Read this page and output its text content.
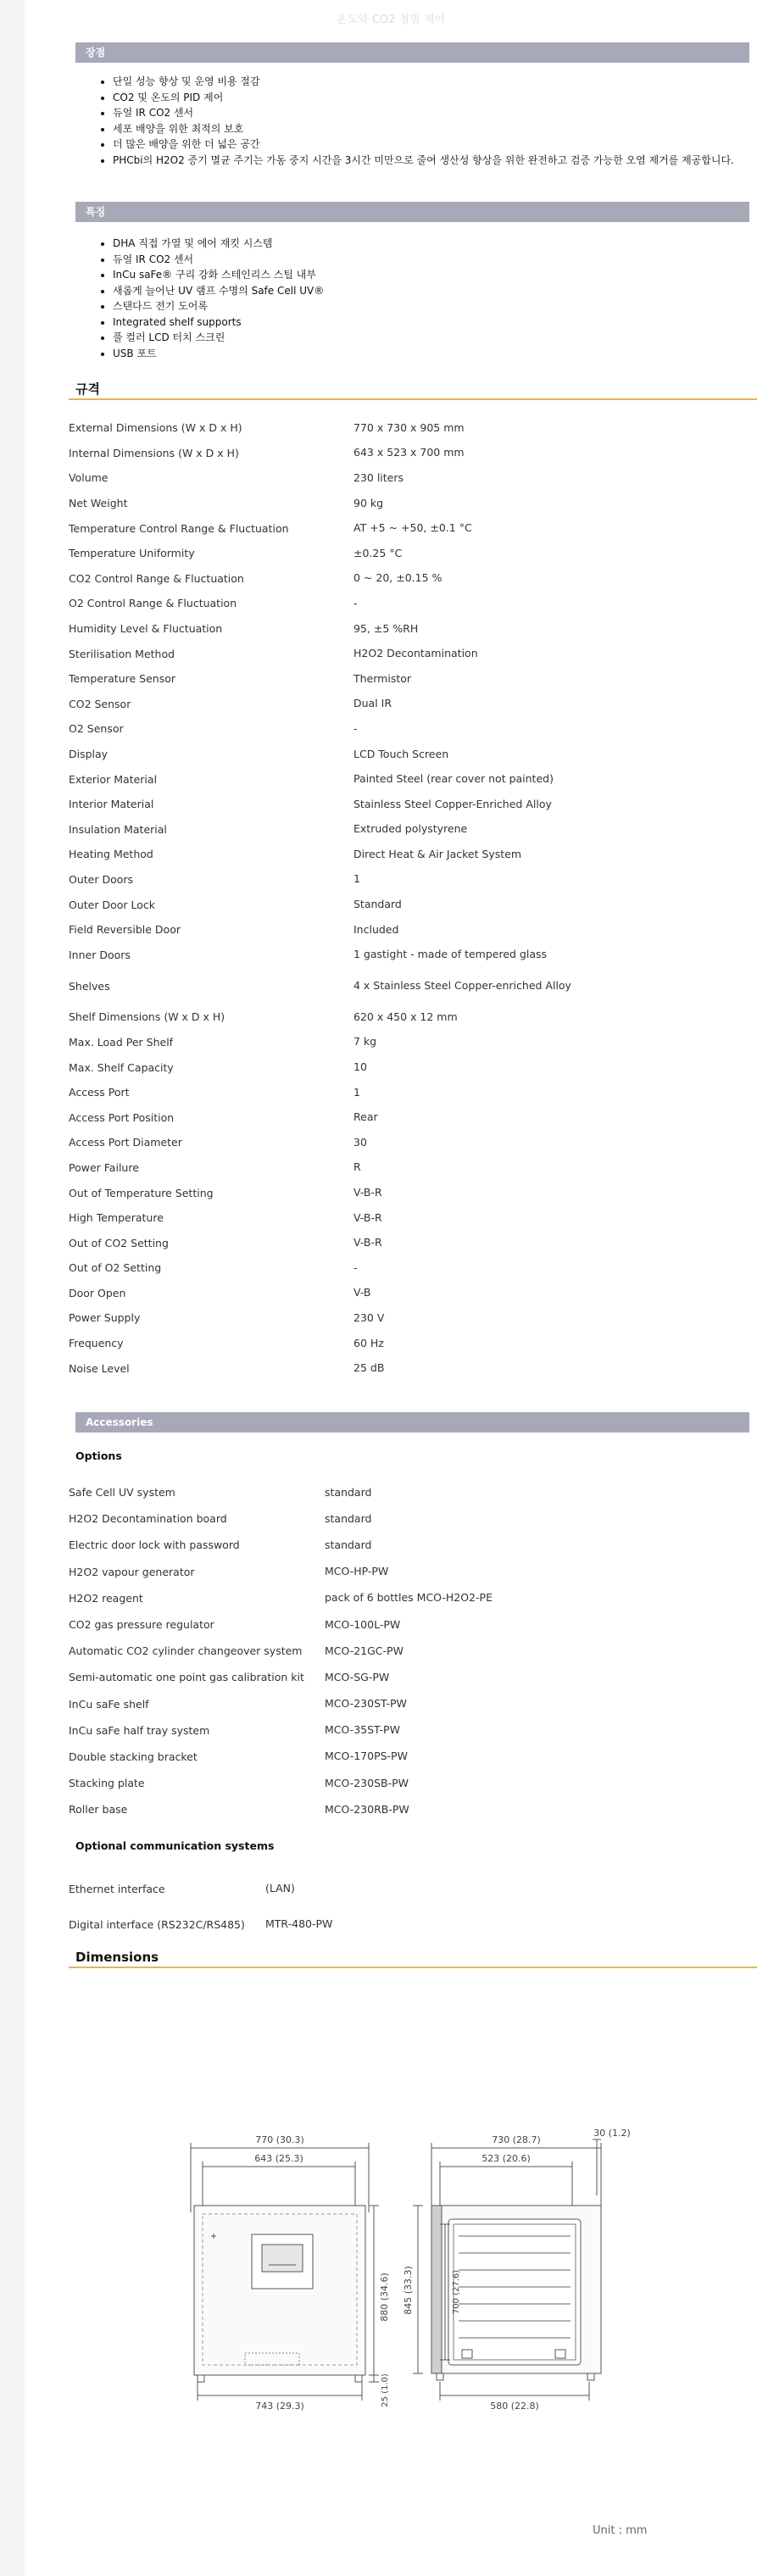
온도와 CO2 정밀 제어
장점
• 단일 성능 향상 및 운영 비용 절감
• CO2 및 온도의 PID 제어
• 듀얼 IR CO2 센서
• 세포 배양을 위한 최적의 보호
• 더 많은 배양을 위한 더 넓은 공간
• PHCbi의 H2O2 증기 멸균 주기는 가동 중지 시간을 3시간 미만으로 줄여 생산성 향상을 위한 완전하고 검증 가능한 오염 제거를 제공합니다.
특징
• DHA 직접 가열 및 에어 재킷 시스템
• 듀얼 IR CO2 센서
• InCu saFe® 구리 강화 스테인리스 스틸 내부
• 새롭게 늘어난 UV 램프 수명의 Safe Cell UV®
• 스탠다드 전기 도어록
• Integrated shelf supports
• 풀 컬러 LCD 터치 스크린
• USB 포트
규격
External Dimensions (W x D x H)	770 x 730 x 905 mm
Internal Dimensions (W x D x H)	643 x 523 x 700 mm
Volume	230 liters
Net Weight	90 kg
Temperature Control Range & Fluctuation	AT +5 ~ +50, ±0.1 °C
Temperature Uniformity	±0.25 °C
CO2 Control Range & Fluctuation	0 ~ 20, ±0.15 %
O2 Control Range & Fluctuation	-
Humidity Level & Fluctuation	95, ±5 %RH
Sterilisation Method	H2O2 Decontamination
Temperature Sensor	Thermistor
CO2 Sensor	Dual IR
O2 Sensor	-
Display	LCD Touch Screen
Exterior Material	Painted Steel (rear cover not painted)
Interior Material	Stainless Steel Copper-Enriched Alloy
Insulation Material	Extruded polystyrene
Heating Method	Direct Heat & Air Jacket System
Outer Doors	1
Outer Door Lock	Standard
Field Reversible Door	Included
Inner Doors	1 gastight - made of tempered glass
Shelves	4 x Stainless Steel Copper-enriched Alloy
Shelf Dimensions (W x D x H)	620 x 450 x 12 mm
Max. Load Per Shelf	7 kg
Max. Shelf Capacity	10
Access Port	1
Access Port Position	Rear
Access Port Diameter	30
Power Failure	R
Out of Temperature Setting	V-B-R
High Temperature	V-B-R
Out of CO2 Setting	V-B-R
Out of O2 Setting	-
Door Open	V-B
Power Supply	230 V
Frequency	60 Hz
Noise Level	25 dB
Accessories
Options
Safe Cell UV system	standard
H2O2 Decontamination board	standard
Electric door lock with password	standard
H2O2 vapour generator	MCO-HP-PW
H2O2 reagent	pack of 6 bottles MCO-H2O2-PE
CO2 gas pressure regulator	MCO-100L-PW
Automatic CO2 cylinder changeover system	MCO-21GC-PW
Semi-automatic one point gas calibration kit	MCO-SG-PW
InCu saFe shelf	MCO-230ST-PW
InCu saFe half tray system	MCO-35ST-PW
Double stacking bracket	MCO-170PS-PW
Stacking plate	MCO-230SB-PW
Roller base	MCO-230RB-PW
Optional communication systems
Ethernet interface	(LAN)
Digital interface (RS232C/RS485)	MTR-480-PW
Dimensions
770 (30.3)
643 (25.3)
743 (29.3)
880 (34.6)
25 (1.0)
730 (28.7)
523 (20.6)
30 (1.2)
580 (22.8)
845 (33.3)	700 (27.6)
Unit : mm
